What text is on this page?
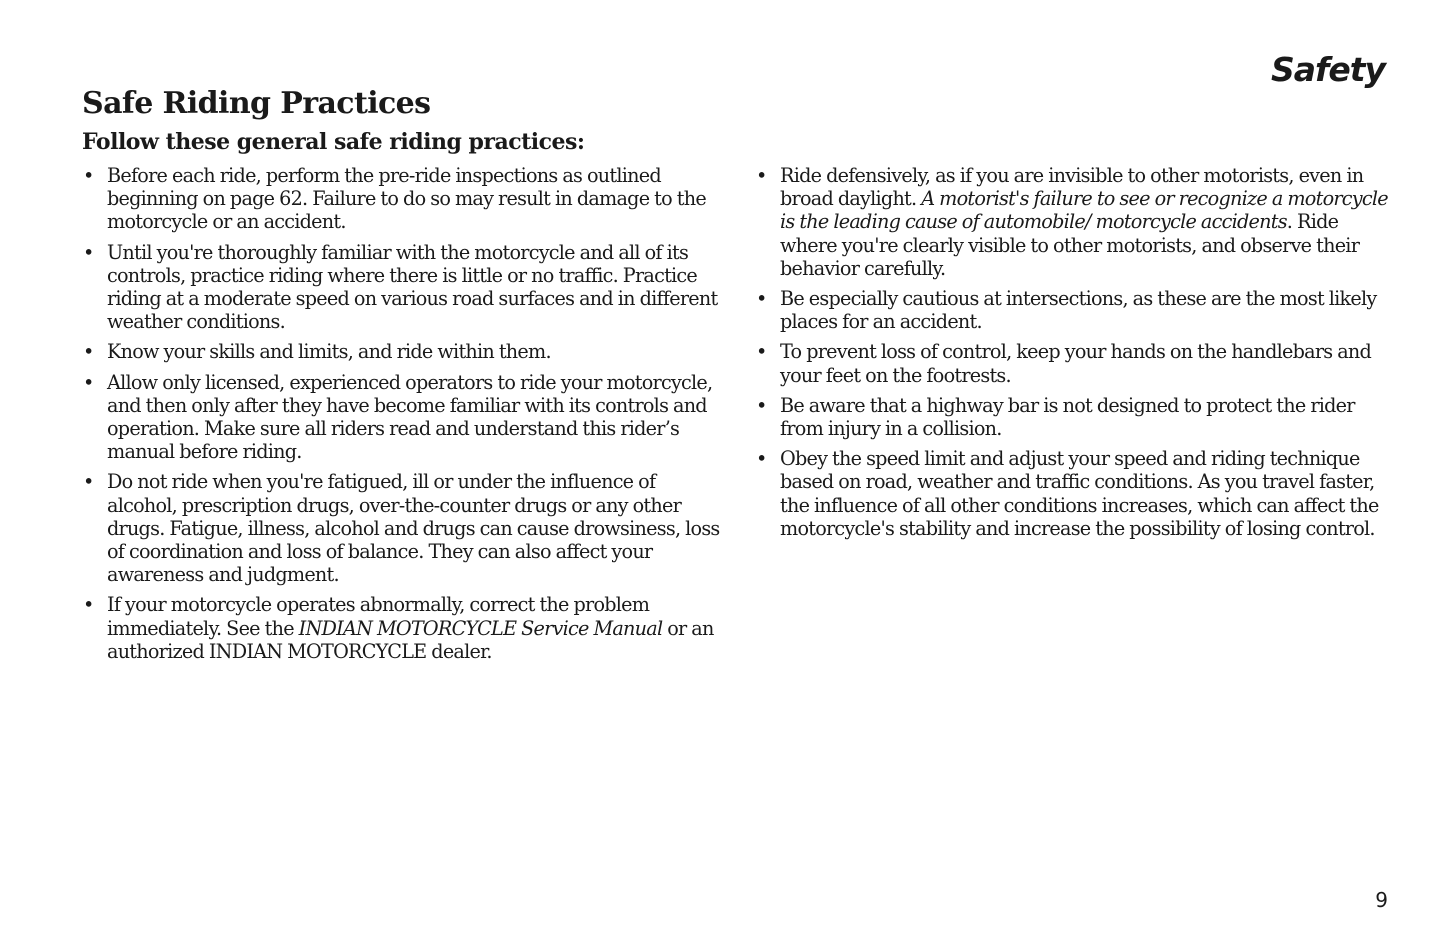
Safety
Safe Riding Practices
Follow these general safe riding practices:
• Before each ride, perform the pre-ride inspections as outlined beginning on page 62. Failure to do so may result in damage to the motorcycle or an accident.
• Until you're thoroughly familiar with the motorcycle and all of its controls, practice riding where there is little or no traffic. Practice riding at a moderate speed on various road surfaces and in different weather conditions.
• Know your skills and limits, and ride within them.
• Allow only licensed, experienced operators to ride your motorcycle, and then only after they have become familiar with its controls and operation. Make sure all riders read and understand this rider’s manual before riding.
• Do not ride when you're fatigued, ill or under the influence of alcohol, prescription drugs, over-the-counter drugs or any other drugs. Fatigue, illness, alcohol and drugs can cause drowsiness, loss of coordination and loss of balance. They can also affect your awareness and judgment.
• If your motorcycle operates abnormally, correct the problem immediately. See the INDIAN MOTORCYCLE Service Manual or an authorized INDIAN MOTORCYCLE dealer.
• Ride defensively, as if you are invisible to other motorists, even in broad daylight. A motorist's failure to see or recognize a motorcycle is the leading cause of automobile/ motorcycle accidents. Ride where you're clearly visible to other motorists, and observe their behavior carefully.
• Be especially cautious at intersections, as these are the most likely places for an accident.
• To prevent loss of control, keep your hands on the handlebars and your feet on the footrests.
• Be aware that a highway bar is not designed to protect the rider from injury in a collision.
• Obey the speed limit and adjust your speed and riding technique based on road, weather and traffic conditions. As you travel faster, the influence of all other conditions increases, which can affect the motorcycle's stability and increase the possibility of losing control.

9
